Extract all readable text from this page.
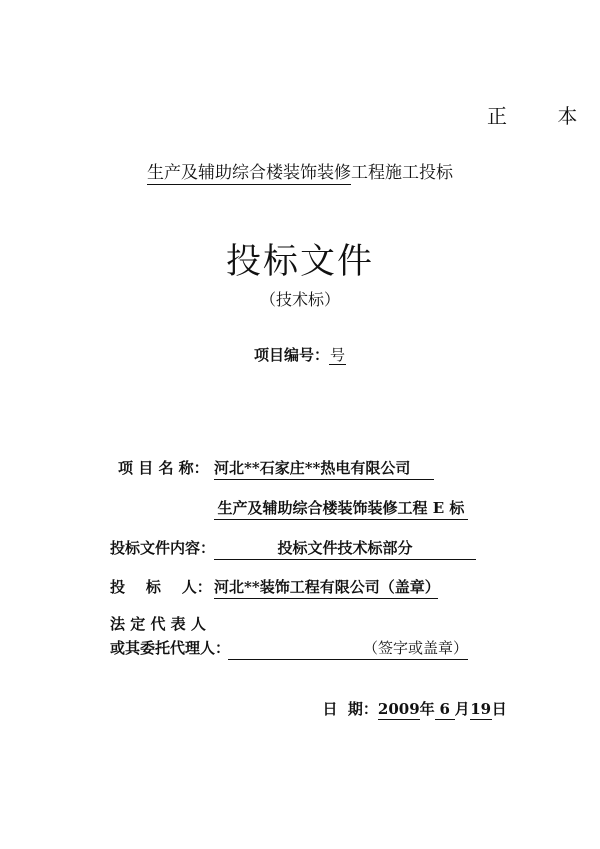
正 本
生产及辅助综合楼装饰装修工程施工投标
投标文件
（技术标）
项目编号：号
项 目 名 称： 河北**石家庄**热电有限公司
生产及辅助综合楼装饰装修工程 E 标
投标文件内容：	投标文件技术标部分
投    标    人： 河北**装饰工程有限公司（盖章）
法 定 代 表 人
或其委托代理人：	（签字或盖章）

日  期：2009年 6 月19日
